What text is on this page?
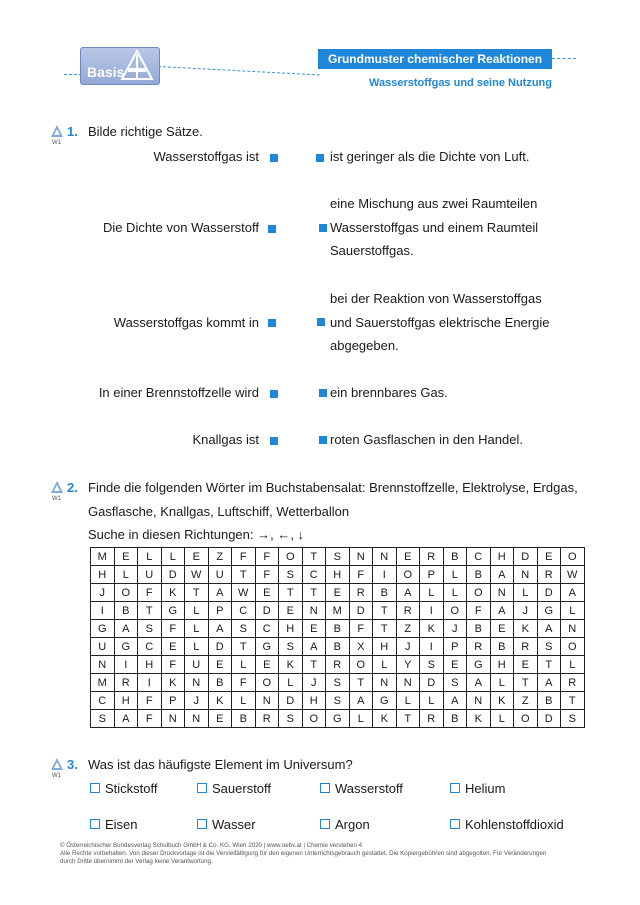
Basis
Grundmuster chemischer Reaktionen
Wasserstoffgas und seine Nutzung
W1
1. Bilde richtige Sätze.
Wasserstoffgas ist
Die Dichte von Wasserstoff
Wasserstoffgas kommt in
In einer Brennstoffzelle wird
Knallgas ist
ist geringer als die Dichte von Luft.
eine Mischung aus zwei Raumteilen
Wasserstoffgas und einem Raumteil
Sauerstoffgas.
bei der Reaktion von Wasserstoffgas
und Sauerstoffgas elektrische Energie
abgegeben.
ein brennbares Gas.
roten Gasflaschen in den Handel.
W1
2. Finde die folgenden Wörter im Buchstabensalat: Brennstoffzelle, Elektrolyse, Erdgas,
Gasflasche, Knallgas, Luftschiff, Wetterballon
Suche in diesen Richtungen: →, ←, ↓
M	E	L	L	E	Z	F	F	O	T	S	N	N	E	R	B	C	H	D	E	O
H	L	U	D	W	U	T	F	S	C	H	F	I	O	P	L	B	A	N	R	W
J	O	F	K	T	A	W	E	T	T	E	R	B	A	L	L	O	N	L	D	A
I	B	T	G	L	P	C	D	E	N	M	D	T	R	I	O	F	A	J	G	L
G	A	S	F	L	A	S	C	H	E	B	F	T	Z	K	J	B	E	K	A	N
U	G	C	E	L	D	T	G	S	A	B	X	H	J	I	P	R	B	R	S	O
N	I	H	F	U	E	L	E	K	T	R	O	L	Y	S	E	G	H	E	T	L
M	R	I	K	N	B	F	O	L	J	S	T	N	N	D	S	A	L	T	A	R
C	H	F	P	J	K	L	N	D	H	S	A	G	L	L	A	N	K	Z	B	T
S	A	F	N	N	E	B	R	S	O	G	L	K	T	R	B	K	L	O	D	S
W1
3. Was ist das häufigste Element im Universum?
Stickstoff	Sauerstoff	Wasserstoff	Helium
Eisen	Wasser	Argon	Kohlenstoffdioxid
© Österreichischer Bundesverlag Schulbuch GmbH & Co. KG, Wien 2020 | www.oebv.at | Chemie verstehen 4
Alle Rechte vorbehalten. Von dieser Druckvorlage ist die Vervielfältigung für den eigenen Unterrichtsgebrauch gestattet. Die Kopiergebühren sind abgegolten. Für Veränderungen
durch Dritte übernimmt der Verlag keine Verantwortung.
